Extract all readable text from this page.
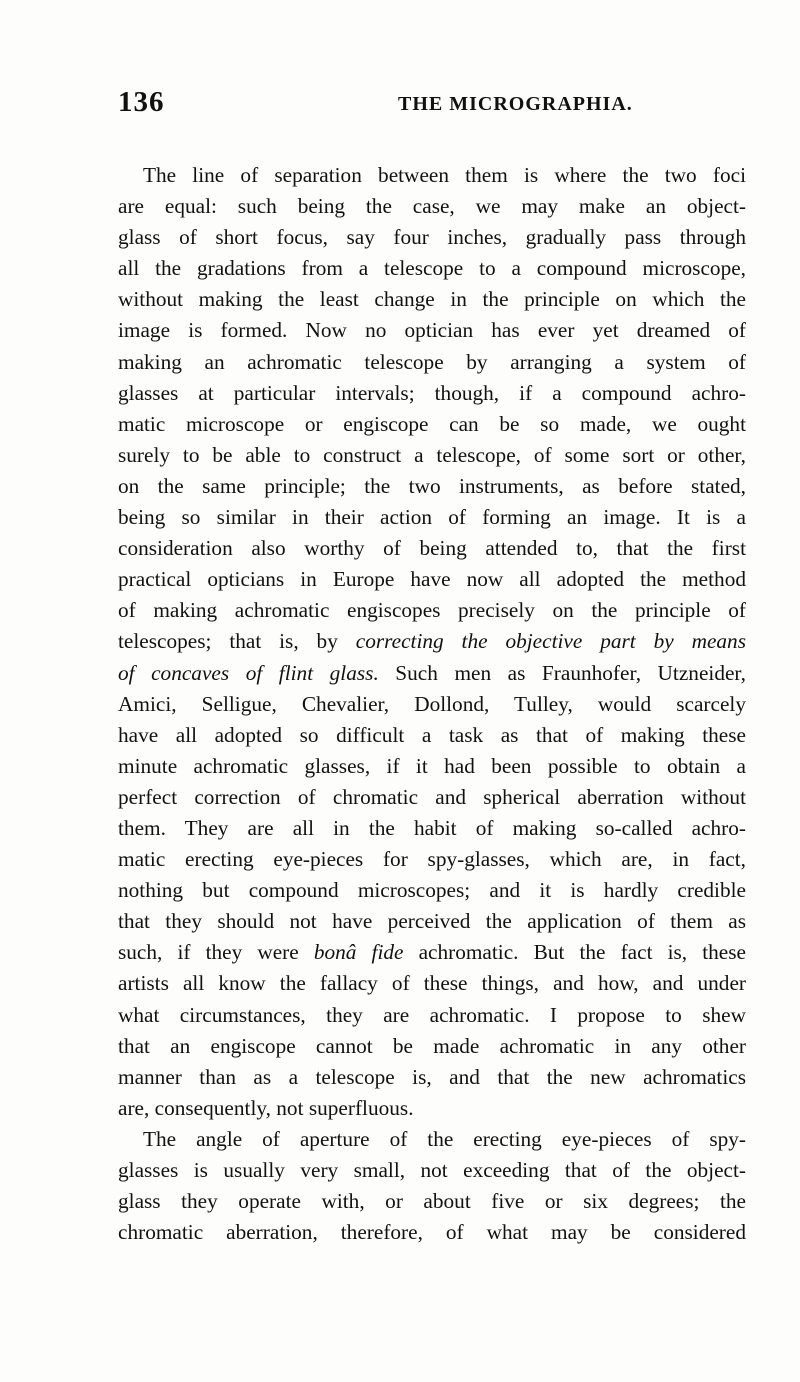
136	THE MICROGRAPHIA.
The line of separation between them is where the two foci
are equal: such being the case, we may make an object-
glass of short focus, say four inches, gradually pass through
all the gradations from a telescope to a compound microscope,
without making the least change in the principle on which the
image is formed. Now no optician has ever yet dreamed of
making an achromatic telescope by arranging a system of
glasses at particular intervals; though, if a compound achro-
matic microscope or engiscope can be so made, we ought
surely to be able to construct a telescope, of some sort or other,
on the same principle; the two instruments, as before stated,
being so similar in their action of forming an image. It is a
consideration also worthy of being attended to, that the first
practical opticians in Europe have now all adopted the method
of making achromatic engiscopes precisely on the principle of
telescopes; that is, by correcting the objective part by means
of concaves of flint glass. Such men as Fraunhofer, Utzneider,
Amici, Selligue, Chevalier, Dollond, Tulley, would scarcely
have all adopted so difficult a task as that of making these
minute achromatic glasses, if it had been possible to obtain a
perfect correction of chromatic and spherical aberration without
them. They are all in the habit of making so-called achro-
matic erecting eye-pieces for spy-glasses, which are, in fact,
nothing but compound microscopes; and it is hardly credible
that they should not have perceived the application of them as
such, if they were bonâ fide achromatic. But the fact is, these
artists all know the fallacy of these things, and how, and under
what circumstances, they are achromatic. I propose to shew
that an engiscope cannot be made achromatic in any other
manner than as a telescope is, and that the new achromatics
are, consequently, not superfluous.
The angle of aperture of the erecting eye-pieces of spy-
glasses is usually very small, not exceeding that of the object-
glass they operate with, or about five or six degrees; the
chromatic aberration, therefore, of what may be considered
